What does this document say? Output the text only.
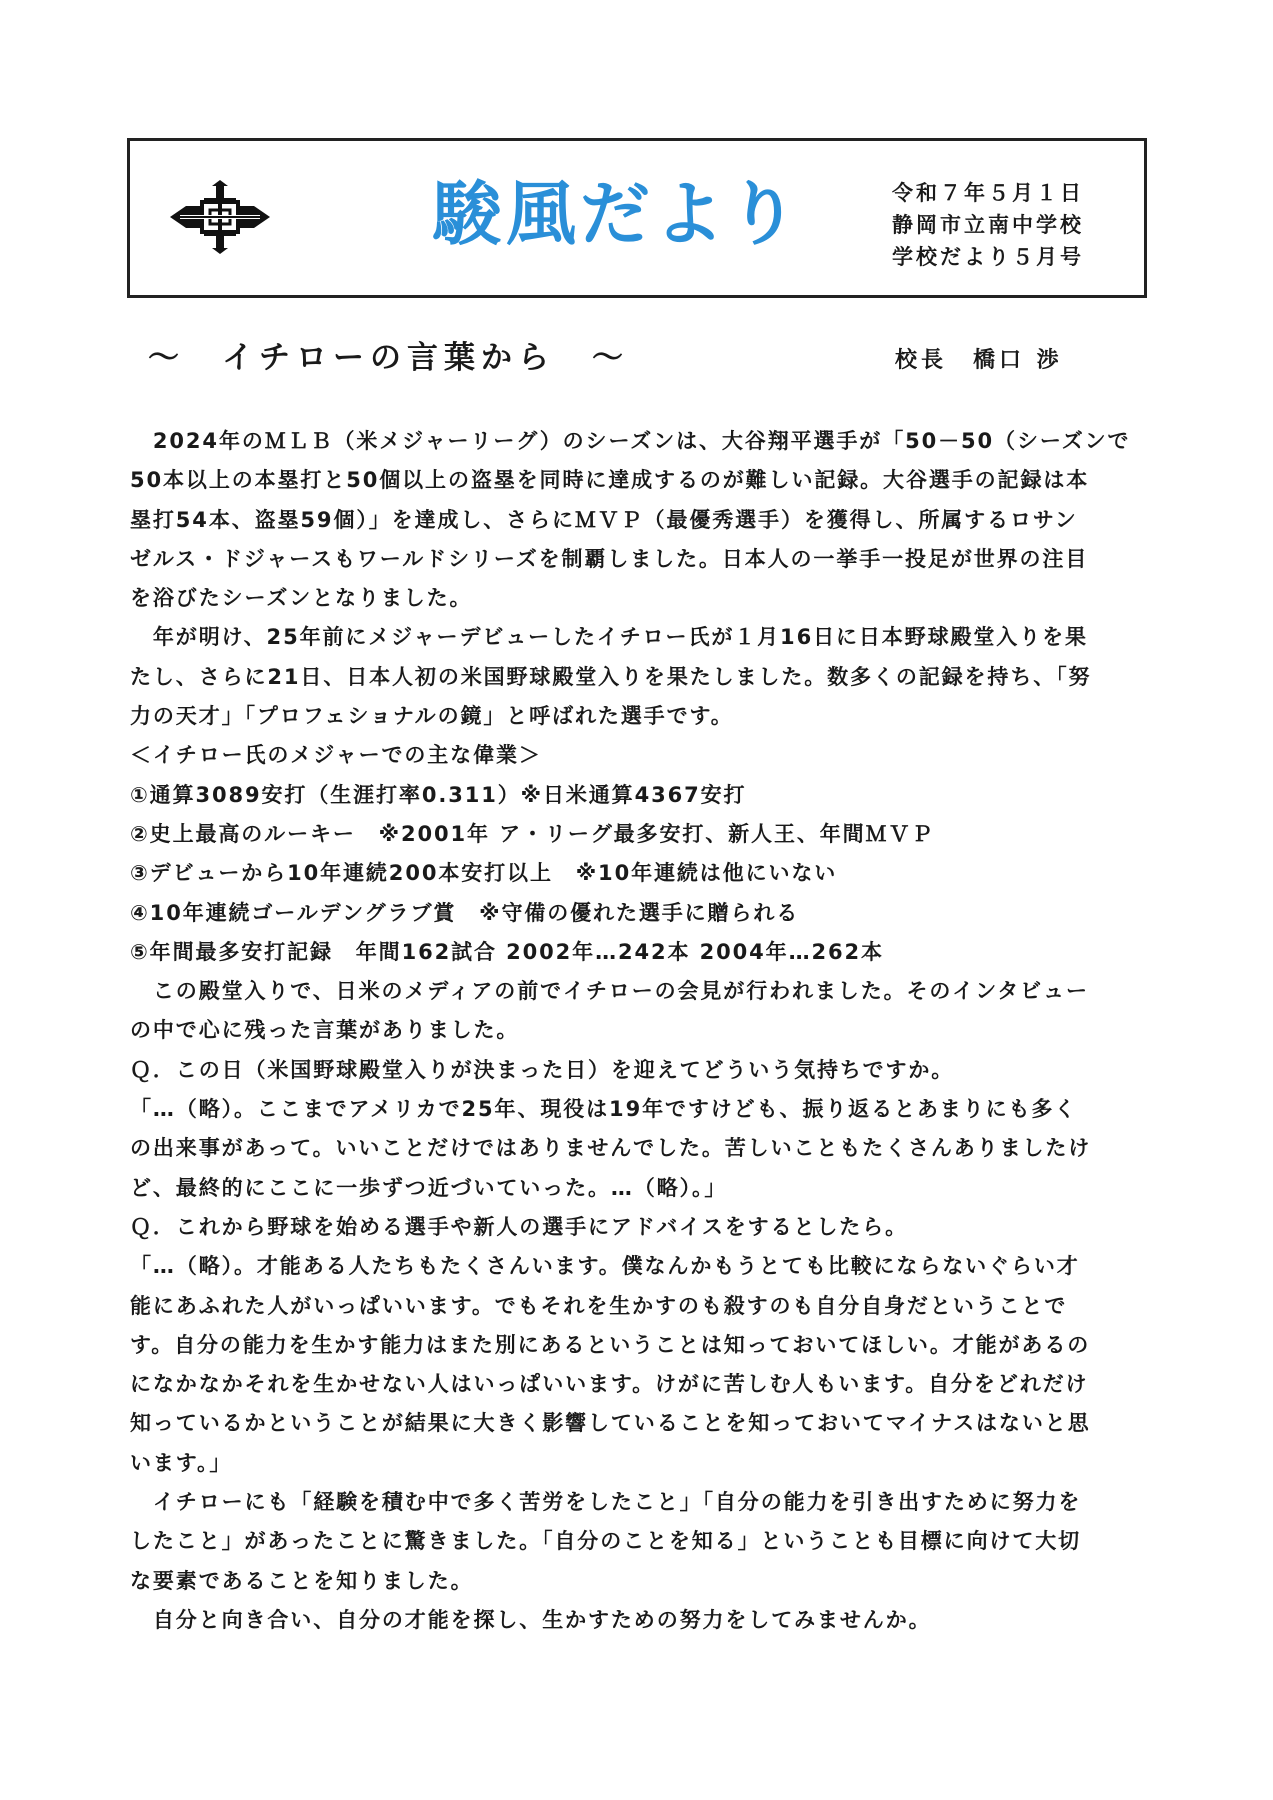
駿風だより	令和７年５月１日
静岡市立南中学校
学校だより５月号
～　イチローの言葉から　～	校長　橋口 渉
　2024年のＭＬＢ（米メジャーリーグ）のシーズンは、大谷翔平選手が「50－50（シーズンで
50本以上の本塁打と50個以上の盗塁を同時に達成するのが難しい記録。大谷選手の記録は本
塁打54本、盗塁59個）」を達成し、さらにＭＶＰ（最優秀選手）を獲得し、所属するロサン
ゼルス・ドジャースもワールドシリーズを制覇しました。日本人の一挙手一投足が世界の注目
を浴びたシーズンとなりました。
　年が明け、25年前にメジャーデビューしたイチロー氏が１月16日に日本野球殿堂入りを果
たし、さらに21日、日本人初の米国野球殿堂入りを果たしました。数多くの記録を持ち、「努
力の天才」「プロフェショナルの鏡」と呼ばれた選手です。
＜イチロー氏のメジャーでの主な偉業＞
①通算3089安打（生涯打率0.311）※日米通算4367安打
②史上最高のルーキー　※2001年 ア・リーグ最多安打、新人王、年間ＭＶＰ
③デビューから10年連続200本安打以上　※10年連続は他にいない
④10年連続ゴールデングラブ賞　※守備の優れた選手に贈られる
⑤年間最多安打記録　年間162試合 2002年…242本 2004年…262本
　この殿堂入りで、日米のメディアの前でイチローの会見が行われました。そのインタビュー
の中で心に残った言葉がありました。
Ｑ．この日（米国野球殿堂入りが決まった日）を迎えてどういう気持ちですか。
「…（略）。ここまでアメリカで25年、現役は19年ですけども、振り返るとあまりにも多く
の出来事があって。いいことだけではありませんでした。苦しいこともたくさんありましたけ
ど、最終的にここに一歩ずつ近づいていった。…（略）。」
Ｑ．これから野球を始める選手や新人の選手にアドバイスをするとしたら。
「…（略）。才能ある人たちもたくさんいます。僕なんかもうとても比較にならないぐらい才
能にあふれた人がいっぱいいます。でもそれを生かすのも殺すのも自分自身だということで
す。自分の能力を生かす能力はまた別にあるということは知っておいてほしい。才能があるの
になかなかそれを生かせない人はいっぱいいます。けがに苦しむ人もいます。自分をどれだけ
知っているかということが結果に大きく影響していることを知っておいてマイナスはないと思
います。」
　イチローにも「経験を積む中で多く苦労をしたこと」「自分の能力を引き出すために努力を
したこと」があったことに驚きました。「自分のことを知る」ということも目標に向けて大切
な要素であることを知りました。
　自分と向き合い、自分の才能を探し、生かすための努力をしてみませんか。
